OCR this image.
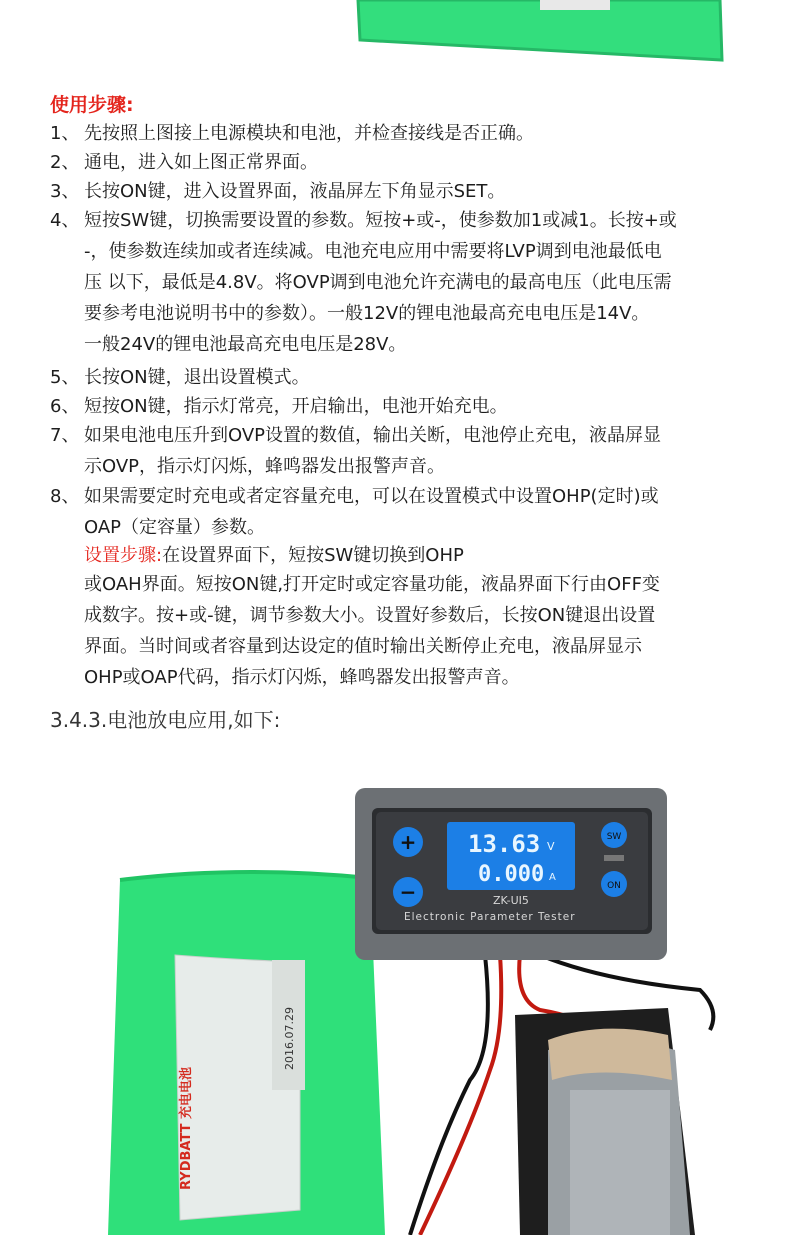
使用步骤:
1、 先按照上图接上电源模块和电池，并检查接线是否正确。
2、 通电，进入如上图正常界面。
3、 长按ON键，进入设置界面，液晶屏左下角显示SET。
4、 短按SW键，切换需要设置的参数。短按+或-，使参数加1或减1。长按+或
-，使参数连续加或者连续减。电池充电应用中需要将LVP调到电池最低电
压 以下，最低是4.8V。将OVP调到电池允许充满电的最高电压（此电压需
要参考电池说明书中的参数）。一般12V的锂电池最高充电电压是14V。
一般24V的锂电池最高充电电压是28V。
5、 长按ON键，退出设置模式。
6、 短按ON键，指示灯常亮，开启输出，电池开始充电。
7、 如果电池电压升到OVP设置的数值，输出关断，电池停止充电，液晶屏显
示OVP，指示灯闪烁，蜂鸣器发出报警声音。
8、 如果需要定时充电或者定容量充电，可以在设置模式中设置OHP(定时)或
OAP（定容量）参数。
设置步骤:在设置界面下，短按SW键切换到OHP
或OAH界面。短按ON键,打开定时或定容量功能，液晶界面下行由OFF变
成数字。按+或-键，调节参数大小。设置好参数后，长按ON键退出设置
界面。当时间或者容量到达设定的值时输出关断停止充电，液晶屏显示
OHP或OAP代码，指示灯闪烁，蜂鸣器发出报警声音。
3.4.3.电池放电应用,如下:
RYDBATT 充电电池
2016.07.29
13.63 V
0.000 A
ZK-UI5
Electronic Parameter Tester
+
−
SW
ON
